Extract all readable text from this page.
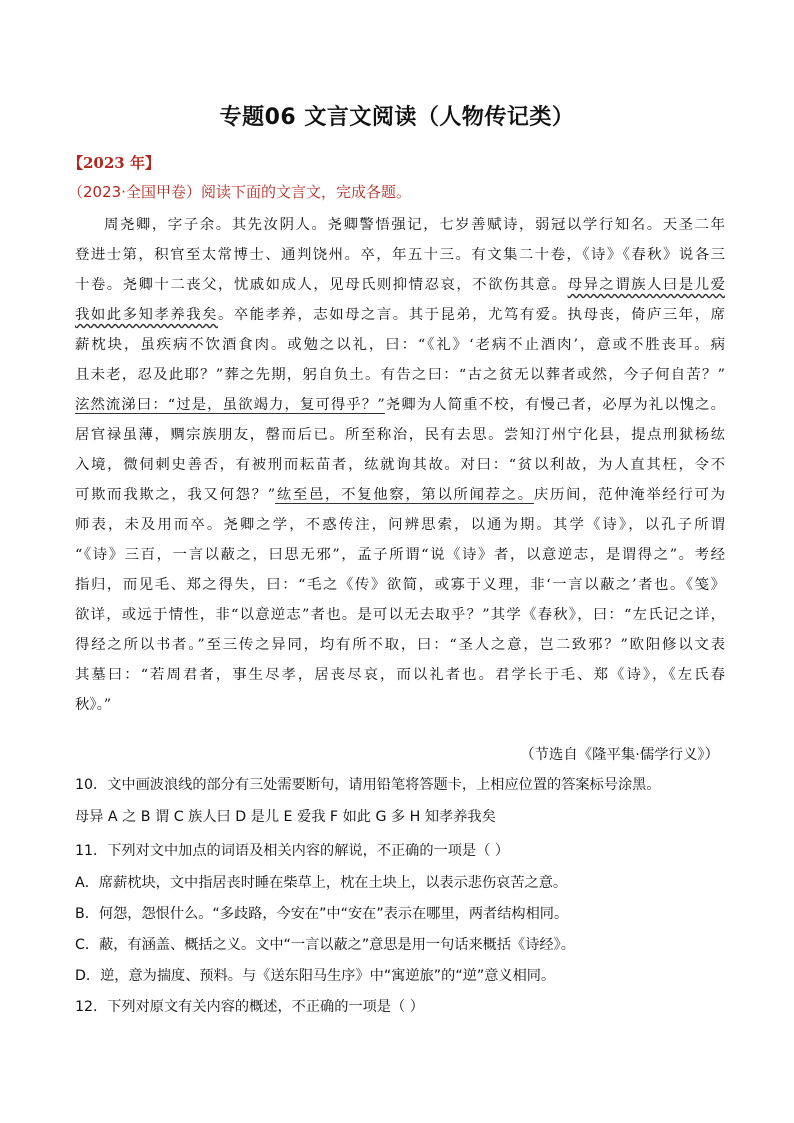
专题06 文言文阅读（人物传记类）
【2023 年】
（2023·全国甲卷）阅读下面的文言文，完成各题。
周尧卿，字子余。其先汝阴人。尧卿警悟强记，七岁善赋诗，弱冠以学行知名。天圣二年
登进士第，积官至太常博士、通判饶州。卒，年五十三。有文集二十卷，《诗》《春秋》说各三
十卷。尧卿十二丧父，忧戚如成人，见母氏则抑情忍哀，不欲伤其意。母异之谓族人曰是儿爱
我如此多知孝养我矣。卒能孝养，志如母之言。其于昆弟，尤笃有爱。执母丧，倚庐三年，席
薪枕块，虽疾病不饮酒食肉。或勉之以礼，曰：“《礼》‘老病不止酒肉’，意或不胜丧耳。病
且未老，忍及此耶？”葬之先期，躬自负土。有告之曰：“古之贫无以葬者或然，今子何自苦？”
泫然流涕曰：“过是，虽欲竭力，复可得乎？”尧卿为人简重不校，有慢己者，必厚为礼以愧之。
居官禄虽薄，赒宗族朋友，罄而后已。所至称治，民有去思。尝知汀州宁化县，提点刑狱杨纮
入境，微伺刺史善否，有被刑而耘苗者，纮就询其故。对曰：“贫以利故，为人直其枉，令不
可欺而我欺之，我又何怨？”纮至邑，不复他察，第以所闻荐之。庆历间，范仲淹举经行可为
师表，未及用而卒。尧卿之学，不惑传注，问辨思索，以通为期。其学《诗》，以孔子所谓
“《诗》三百，一言以蔽之，曰思无邪”，孟子所谓“说《诗》者，以意逆志，是谓得之”。考经
指归，而见毛、郑之得失，曰：“毛之《传》欲简，或寡于义理，非‘一言以蔽之’者也。《笺》
欲详，或远于情性，非“以意逆志”者也。是可以无去取乎？”其学《春秋》，曰：“左氏记之详，
得经之所以书者。”至三传之异同，均有所不取，曰：“圣人之意，岂二致邪？”欧阳修以文表
其墓曰：“若周君者，事生尽孝，居丧尽哀，而以礼者也。君学长于毛、郑《诗》，《左氏春
秋》。”
（节选自《隆平集·儒学行义》）
10．文中画波浪线的部分有三处需要断句，请用铅笔将答题卡，上相应位置的答案标号涂黑。
母异 A 之 B 谓 C 族人曰 D 是儿 E 爱我 F 如此 G 多 H 知孝养我矣
11．下列对文中加点的词语及相关内容的解说，不正确的一项是（ ）
A．席薪枕块，文中指居丧时睡在柴草上，枕在土块上，以表示悲伤哀苦之意。
B．何怨，怨恨什么。“多歧路，今安在”中“安在”表示在哪里，两者结构相同。
C．蔽，有涵盖、概括之义。文中“一言以蔽之”意思是用一句话来概括《诗经》。
D．逆，意为揣度、预料。与《送东阳马生序》中“寓逆旅”的“逆”意义相同。
12．下列对原文有关内容的概述，不正确的一项是（ ）
